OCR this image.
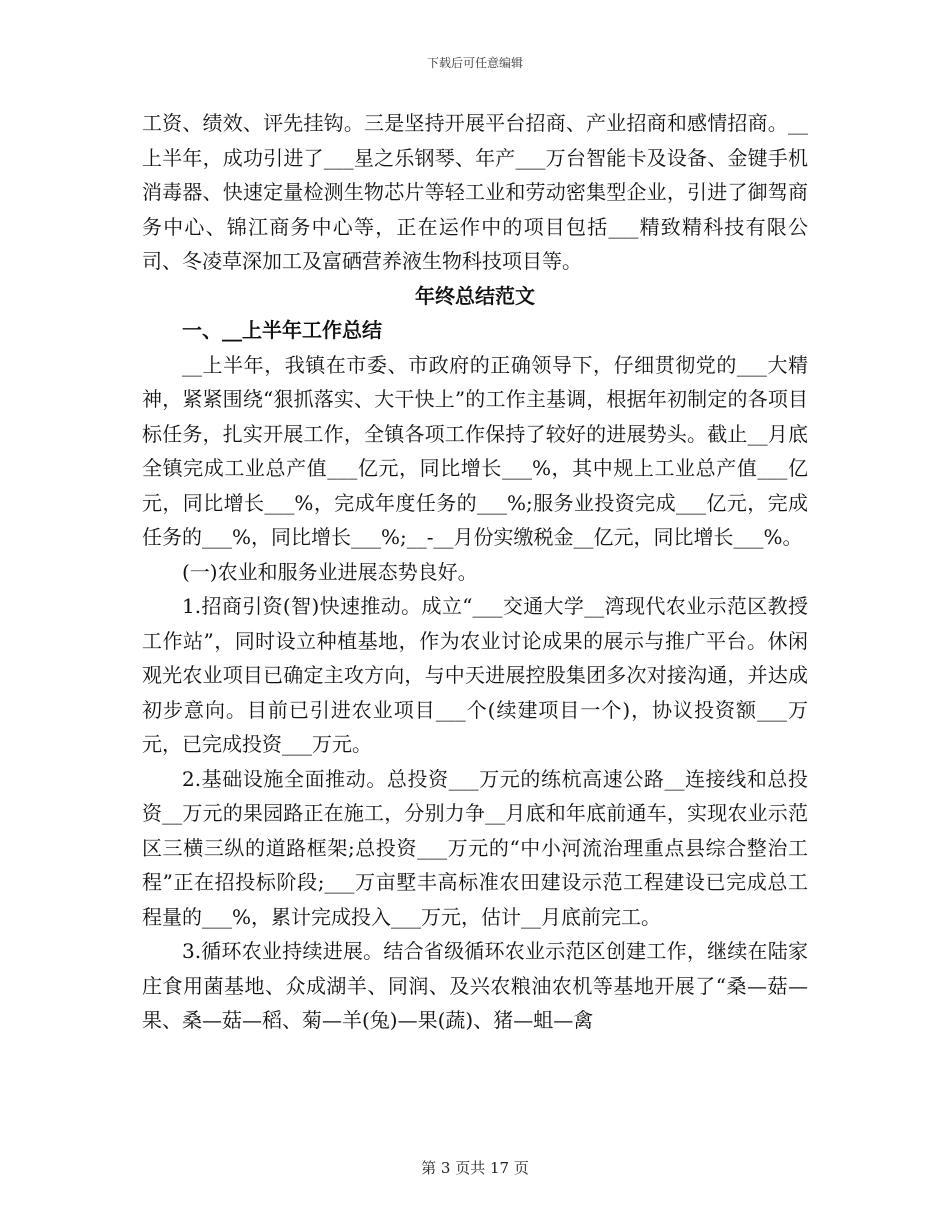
下载后可任意编辑

工资、绩效、评先挂钩。三是坚持开展平台招商、产业招商和感情招商。__上半年，成功引进了___星之乐钢琴、年产___万台智能卡及设备、金键手机消毒器、快速定量检测生物芯片等轻工业和劳动密集型企业，引进了御驾商务中心、锦江商务中心等，正在运作中的项目包括___精致精科技有限公司、冬凌草深加工及富硒营养液生物科技项目等。

年终总结范文

一、__上半年工作总结

__上半年，我镇在市委、市政府的正确领导下，仔细贯彻党的___大精神，紧紧围绕“狠抓落实、大干快上”的工作主基调，根据年初制定的各项目标任务，扎实开展工作，全镇各项工作保持了较好的进展势头。截止__月底全镇完成工业总产值___亿元，同比增长___%，其中规上工业总产值___亿元，同比增长___%，完成年度任务的___%;服务业投资完成___亿元，完成任务的___%，同比增长___%;__-__月份实缴税金__亿元，同比增长___%。

(一)农业和服务业进展态势良好。

1.招商引资(智)快速推动。成立“___交通大学__湾现代农业示范区教授工作站”，同时设立种植基地，作为农业讨论成果的展示与推广平台。休闲观光农业项目已确定主攻方向，与中天进展控股集团多次对接沟通，并达成初步意向。目前已引进农业项目___个(续建项目一个)，协议投资额___万元，已完成投资___万元。

2.基础设施全面推动。总投资___万元的练杭高速公路__连接线和总投资__万元的果园路正在施工，分别力争__月底和年底前通车，实现农业示范区三横三纵的道路框架;总投资___万元的“中小河流治理重点县综合整治工程”正在招投标阶段;___万亩墅丰高标准农田建设示范工程建设已完成总工程量的___%，累计完成投入___万元，估计__月底前完工。

3.循环农业持续进展。结合省级循环农业示范区创建工作，继续在陆家庄食用菌基地、众成湖羊、同润、及兴农粮油农机等基地开展了“桑—菇—果、桑—菇—稻、菊—羊(兔)—果(蔬)、猪—蛆—禽

第 3 页共 17 页
